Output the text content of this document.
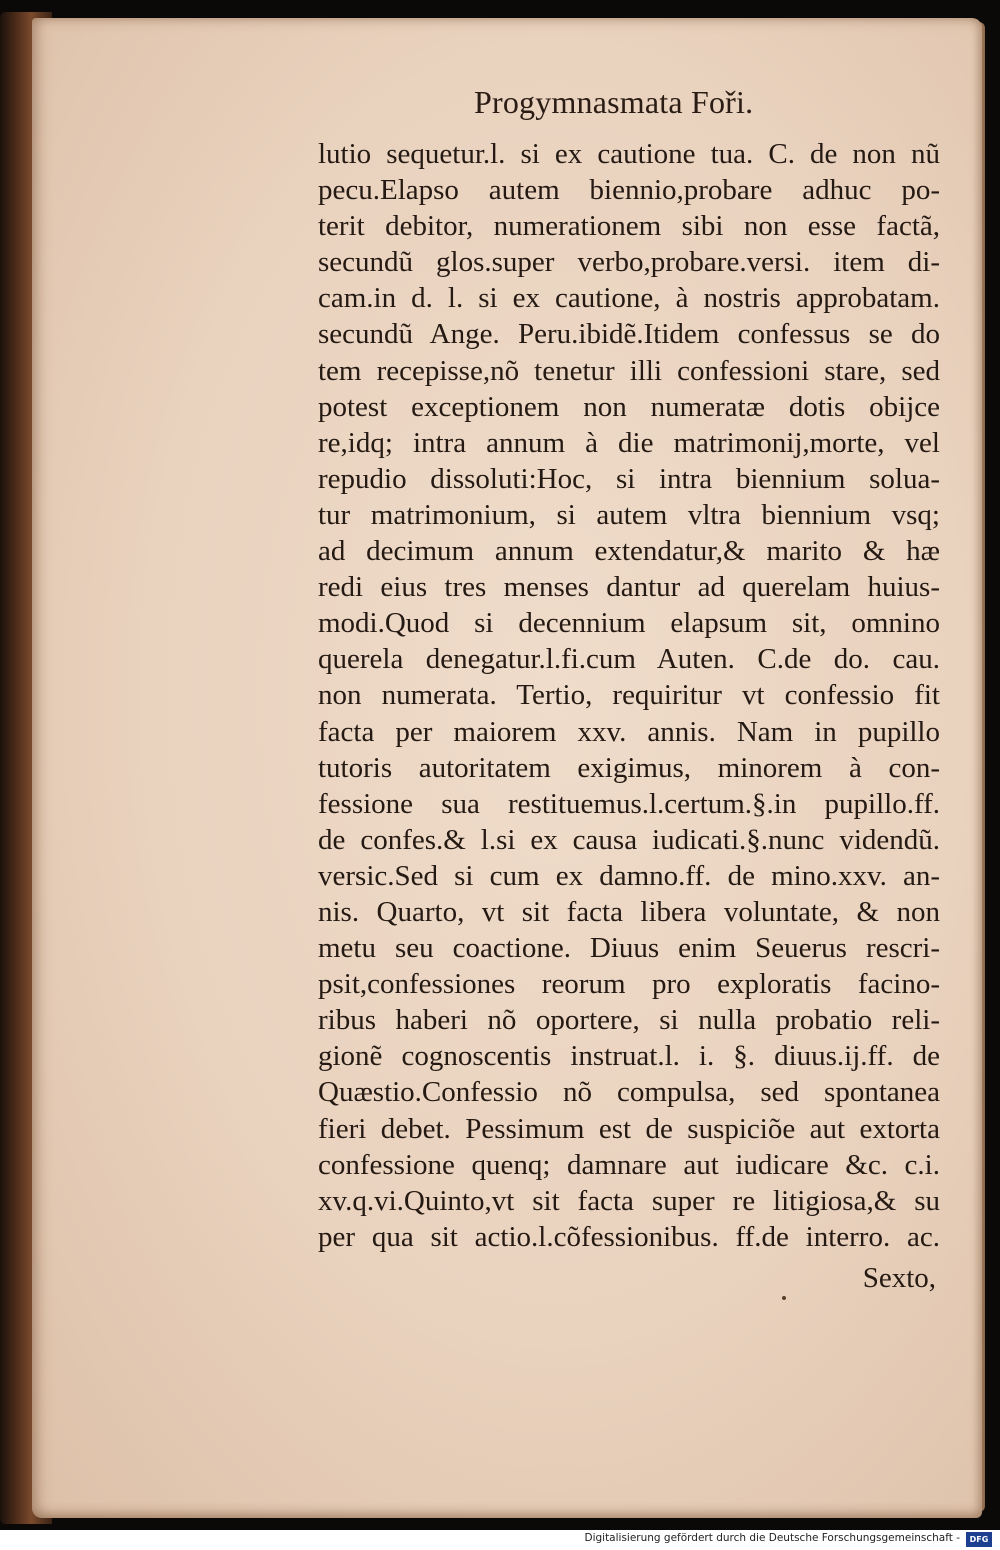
Progymnasmata Foři.
lutio sequetur.l. si ex cautione tua. C. de non nũ
pecu.Elapso autem biennio,probare adhuc po-
terit debitor, numerationem sibi non esse factã,
secundũ glos.super verbo,probare.versi. item di-
cam.in d. l. si ex cautione, à nostris approbatam.
secundũ Ange. Peru.ibidẽ.Itidem confessus se do
tem recepisse,nõ tenetur illi confessioni stare, sed
potest exceptionem non numeratæ dotis obijce
re,idq; intra annum à die matrimonij,morte, vel
repudio dissoluti:Hoc, si intra biennium solua-
tur matrimonium, si autem vltra biennium vsq;
ad decimum annum extendatur,& marito & hæ
redi eius tres menses dantur ad querelam huius-
modi.Quod si decennium elapsum sit, omnino
querela denegatur.l.fi.cum Auten. C.de do. cau.
non numerata. Tertio, requiritur vt confessio fit
facta per maiorem xxv. annis. Nam in pupillo
tutoris autoritatem exigimus, minorem à con-
fessione sua restituemus.l.certum.§.in pupillo.ff.
de confes.& l.si ex causa iudicati.§.nunc videndũ.
versic.Sed si cum ex damno.ff. de mino.xxv. an-
nis. Quarto, vt sit facta libera voluntate, & non
metu seu coactione. Diuus enim Seuerus rescri-
psit,confessiones reorum pro exploratis facino-
ribus haberi nõ oportere, si nulla probatio reli-
gionẽ cognoscentis instruat.l. i. §. diuus.ij.ff. de
Quæstio.Confessio nõ compulsa, sed spontanea
fieri debet. Pessimum est de suspiciõe aut extorta
confessione quenq; damnare aut iudicare &c. c.i.
xv.q.vi.Quinto,vt sit facta super re litigiosa,& su
per qua sit actio.l.cõfessionibus. ff.de interro. ac.
Sexto,
Digitalisierung gefördert durch die Deutsche Forschungsgemeinschaft -	DFG
